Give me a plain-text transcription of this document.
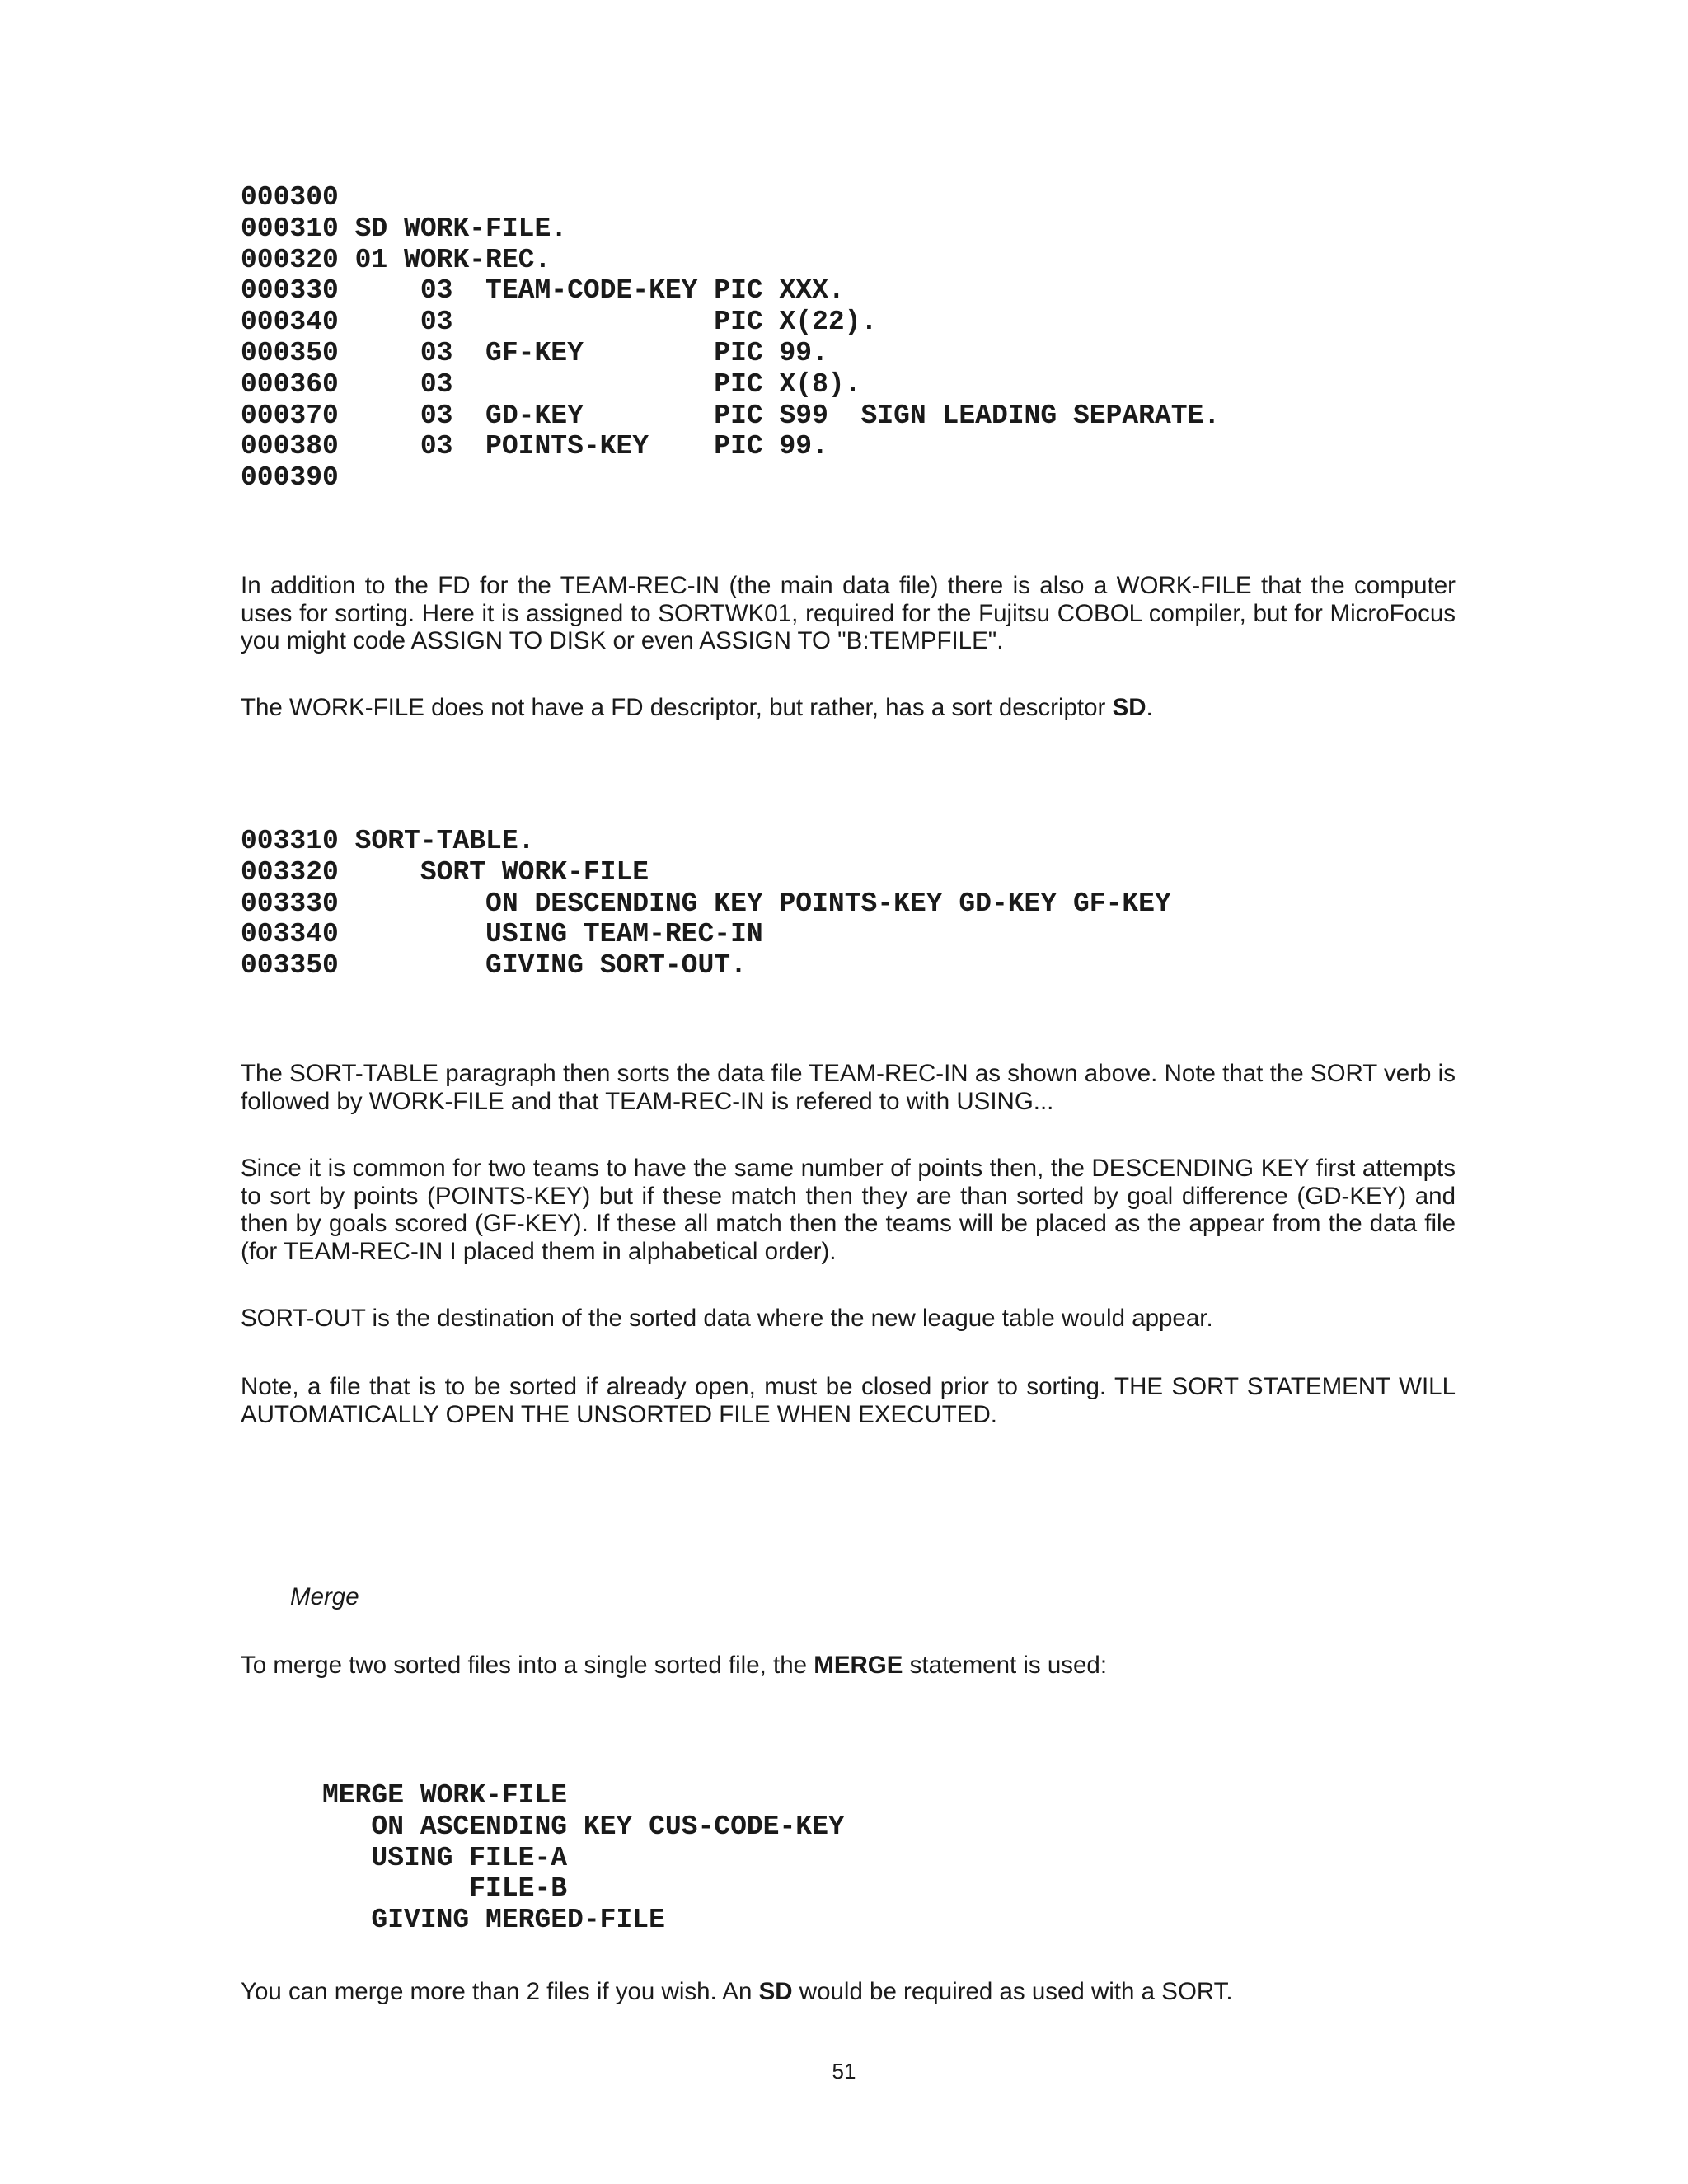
000300
000310 SD WORK-FILE.
000320 01 WORK-REC.
000330     03  TEAM-CODE-KEY PIC XXX.
000340     03                PIC X(22).
000350     03  GF-KEY        PIC 99.
000360     03                PIC X(8).
000370     03  GD-KEY        PIC S99  SIGN LEADING SEPARATE.
000380     03  POINTS-KEY    PIC 99.
000390

In addition to the FD for the TEAM-REC-IN (the main data file) there is also a WORK-FILE that the computer uses for sorting. Here it is assigned to SORTWK01, required for the Fujitsu COBOL compiler, but for MicroFocus you might code ASSIGN TO DISK or even ASSIGN TO "B:TEMPFILE".

The WORK-FILE does not have a FD descriptor, but rather, has a sort descriptor SD.

003310 SORT-TABLE.
003320     SORT WORK-FILE
003330         ON DESCENDING KEY POINTS-KEY GD-KEY GF-KEY
003340         USING TEAM-REC-IN
003350         GIVING SORT-OUT.

The SORT-TABLE paragraph then sorts the data file TEAM-REC-IN as shown above. Note that the SORT verb is followed by WORK-FILE and that TEAM-REC-IN is refered to with USING...

Since it is common for two teams to have the same number of points then, the DESCENDING KEY first attempts to sort by points (POINTS-KEY) but if these match then they are than sorted by goal difference (GD-KEY) and then by goals scored (GF-KEY). If these all match then the teams will be placed as the appear from the data file (for TEAM-REC-IN I placed them in alphabetical order).

SORT-OUT is the destination of the sorted data where the new league table would appear.

Note, a file that is to be sorted if already open, must be closed prior to sorting. THE SORT STATEMENT WILL AUTOMATICALLY OPEN THE UNSORTED FILE WHEN EXECUTED.

Merge

To merge two sorted files into a single sorted file, the MERGE statement is used:

MERGE WORK-FILE
ON ASCENDING KEY CUS-CODE-KEY
USING FILE-A
FILE-B
GIVING MERGED-FILE

You can merge more than 2 files if you wish. An SD would be required as used with a SORT.

51
